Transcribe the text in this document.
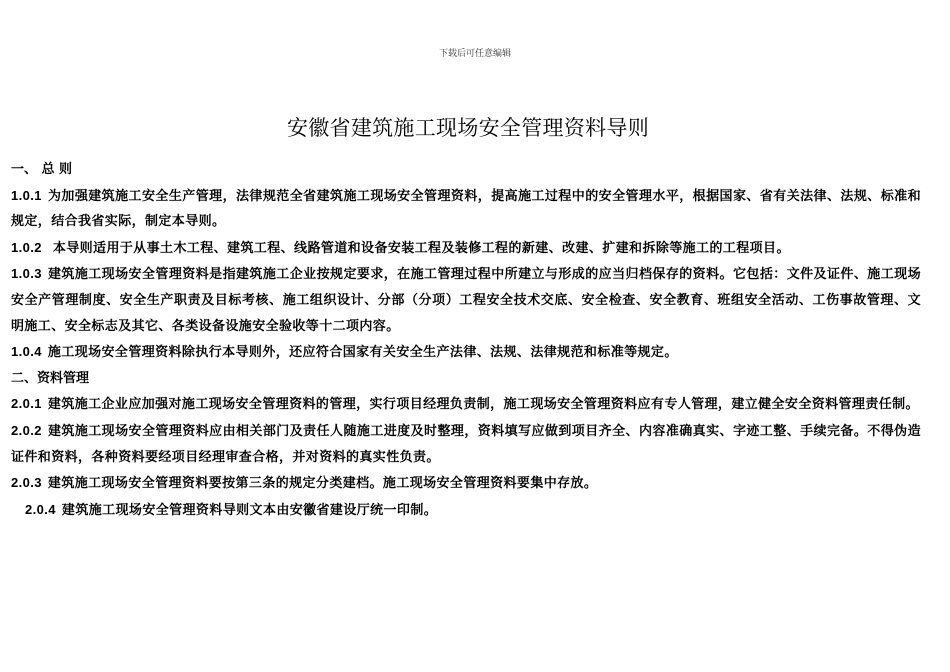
下载后可任意编辑
安徽省建筑施工现场安全管理资料导则
一、 总 则

1.0.1 为加强建筑施工安全生产管理，法律规范全省建筑施工现场安全管理资料，提高施工过程中的安全管理水平，根据国家、省有关法律、法规、标准和规定，结合我省实际，制定本导则。

1.0.2 本导则适用于从事土木工程、建筑工程、线路管道和设备安装工程及装修工程的新建、改建、扩建和拆除等施工的工程项目。

1.0.3 建筑施工现场安全管理资料是指建筑施工企业按规定要求，在施工管理过程中所建立与形成的应当归档保存的资料。它包括：文件及证件、施工现场安全产管理制度、安全生产职责及目标考核、施工组织设计、分部（分项）工程安全技术交底、安全检查、安全教育、班组安全活动、工伤事故管理、文明施工、安全标志及其它、各类设备设施安全验收等十二项内容。

1.0.4 施工现场安全管理资料除执行本导则外，还应符合国家有关安全生产法律、法规、法律规范和标准等规定。

二、资料管理

2.0.1 建筑施工企业应加强对施工现场安全管理资料的管理，实行项目经理负责制，施工现场安全管理资料应有专人管理，建立健全安全资料管理责任制。

2.0.2 建筑施工现场安全管理资料应由相关部门及责任人随施工进度及时整理，资料填写应做到项目齐全、内容准确真实、字迹工整、手续完备。不得伪造证件和资料，各种资料要经项目经理审查合格，并对资料的真实性负责。

2.0.3 建筑施工现场安全管理资料要按第三条的规定分类建档。施工现场安全管理资料要集中存放。

2.0.4 建筑施工现场安全管理资料导则文本由安徽省建设厅统一印制。
